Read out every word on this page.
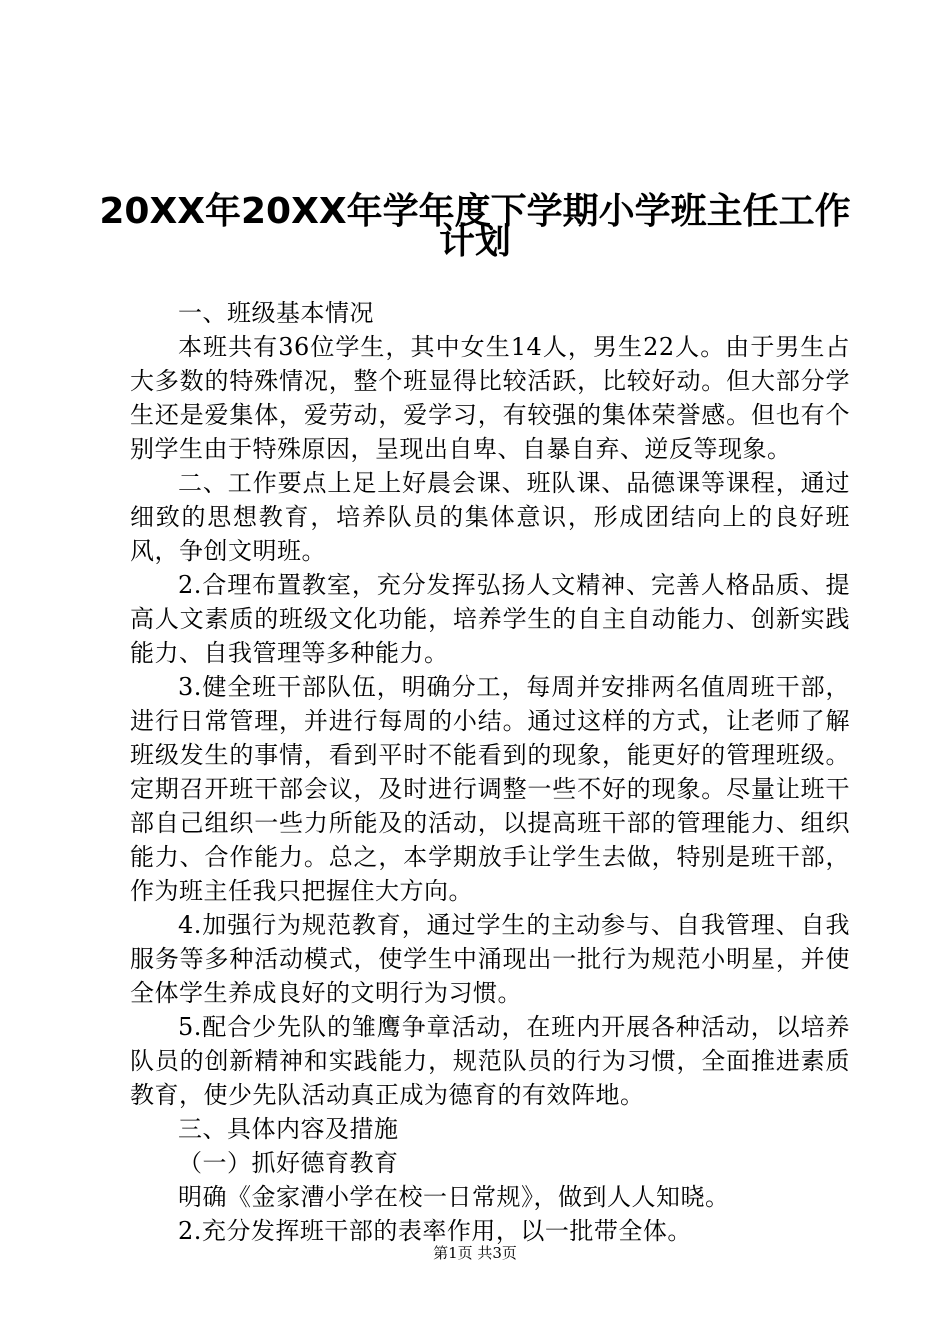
20XX年20XX年学年度下学期小学班主任工作
计划

一、班级基本情况

本班共有36位学生，其中女生14人，男生22人。由于男生占大多数的特殊情况，整个班显得比较活跃，比较好动。但大部分学生还是爱集体，爱劳动，爱学习，有较强的集体荣誉感。但也有个别学生由于特殊原因，呈现出自卑、自暴自弃、逆反等现象。

二、工作要点上足上好晨会课、班队课、品德课等课程，通过细致的思想教育，培养队员的集体意识，形成团结向上的良好班风，争创文明班。

2.合理布置教室，充分发挥弘扬人文精神、完善人格品质、提高人文素质的班级文化功能，培养学生的自主自动能力、创新实践能力、自我管理等多种能力。

3.健全班干部队伍，明确分工，每周并安排两名值周班干部，进行日常管理，并进行每周的小结。通过这样的方式，让老师了解班级发生的事情，看到平时不能看到的现象，能更好的管理班级。定期召开班干部会议，及时进行调整一些不好的现象。尽量让班干部自己组织一些力所能及的活动，以提高班干部的管理能力、组织能力、合作能力。总之，本学期放手让学生去做，特别是班干部，作为班主任我只把握住大方向。

4.加强行为规范教育，通过学生的主动参与、自我管理、自我服务等多种活动模式，使学生中涌现出一批行为规范小明星，并使全体学生养成良好的文明行为习惯。

5.配合少先队的雏鹰争章活动，在班内开展各种活动，以培养队员的创新精神和实践能力，规范队员的行为习惯，全面推进素质教育，使少先队活动真正成为德育的有效阵地。

三、具体内容及措施

（一）抓好德育教育

明确《金家漕小学在校一日常规》，做到人人知晓。

2.充分发挥班干部的表率作用，以一批带全体。

第1页 共3页
